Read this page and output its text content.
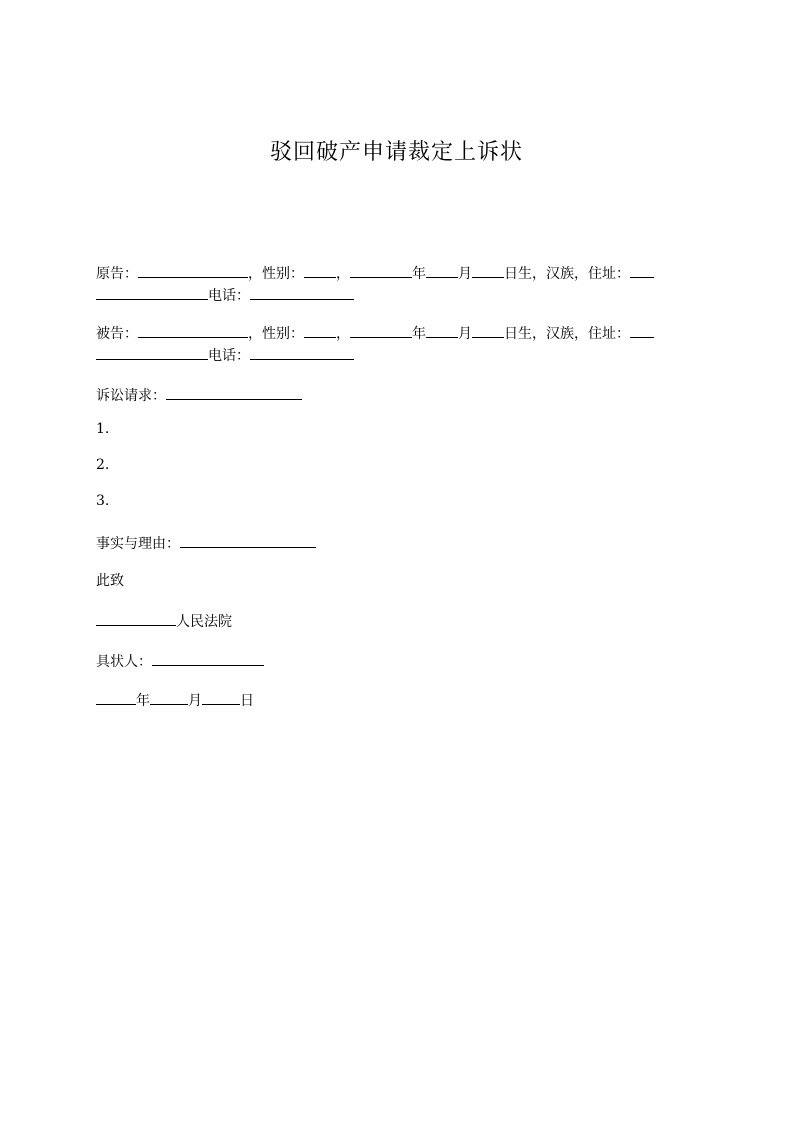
驳回破产申请裁定上诉状
原告：	，性别： ，	年 月 日生，汉族，住址：
电话：
被告：	，性别： ，	年 月 日生，汉族，住址：
电话：
诉讼请求：
1.
2.
3.
事实与理由：
此致
人民法院
具状人：
年	月	日
